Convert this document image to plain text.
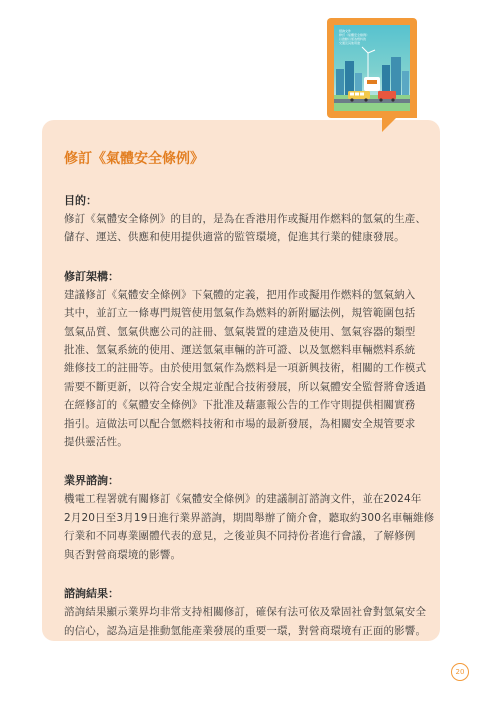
諮詢文件
修訂《氣體安全條例》
以推動以氫為燃料的
交通及其他用途
修訂《氣體安全條例》
目的：
修訂《氣體安全條例》的目的，是為在香港用作或擬用作燃料的氫氣的生產、
儲存、運送、供應和使用提供適當的監管環境，促進其行業的健康發展。
修訂架構：
建議修訂《氣體安全條例》下氣體的定義，把用作或擬用作燃料的氫氣納入
其中，並訂立一條專門規管使用氫氣作為燃料的新附屬法例，規管範圍包括
氫氣品質、氫氣供應公司的註冊、氫氣裝置的建造及使用、氫氣容器的類型
批准、氫氣系統的使用、運送氫氣車輛的許可證、以及氫燃料車輛燃料系統
維修技工的註冊等。由於使用氫氣作為燃料是一項新興技術，相關的工作模式
需要不斷更新，以符合安全規定並配合技術發展，所以氣體安全監督將會透過
在經修訂的《氣體安全條例》下批准及藉憲報公告的工作守則提供相關實務
指引。這做法可以配合氫燃料技術和市場的最新發展，為相關安全規管要求
提供靈活性。
業界諮詢：
機電工程署就有關修訂《氣體安全條例》的建議制訂諮詢文件，並在2024年
2月20日至3月19日進行業界諮詢，期間舉辦了簡介會，聽取約300名車輛維修
行業和不同專業團體代表的意見，之後並與不同持份者進行會議，了解修例
與否對營商環境的影響。
諮詢結果：
諮詢結果顯示業界均非常支持相關修訂，確保有法可依及鞏固社會對氫氣安全
的信心，認為這是推動氫能產業發展的重要一環，對營商環境有正面的影響。
20
